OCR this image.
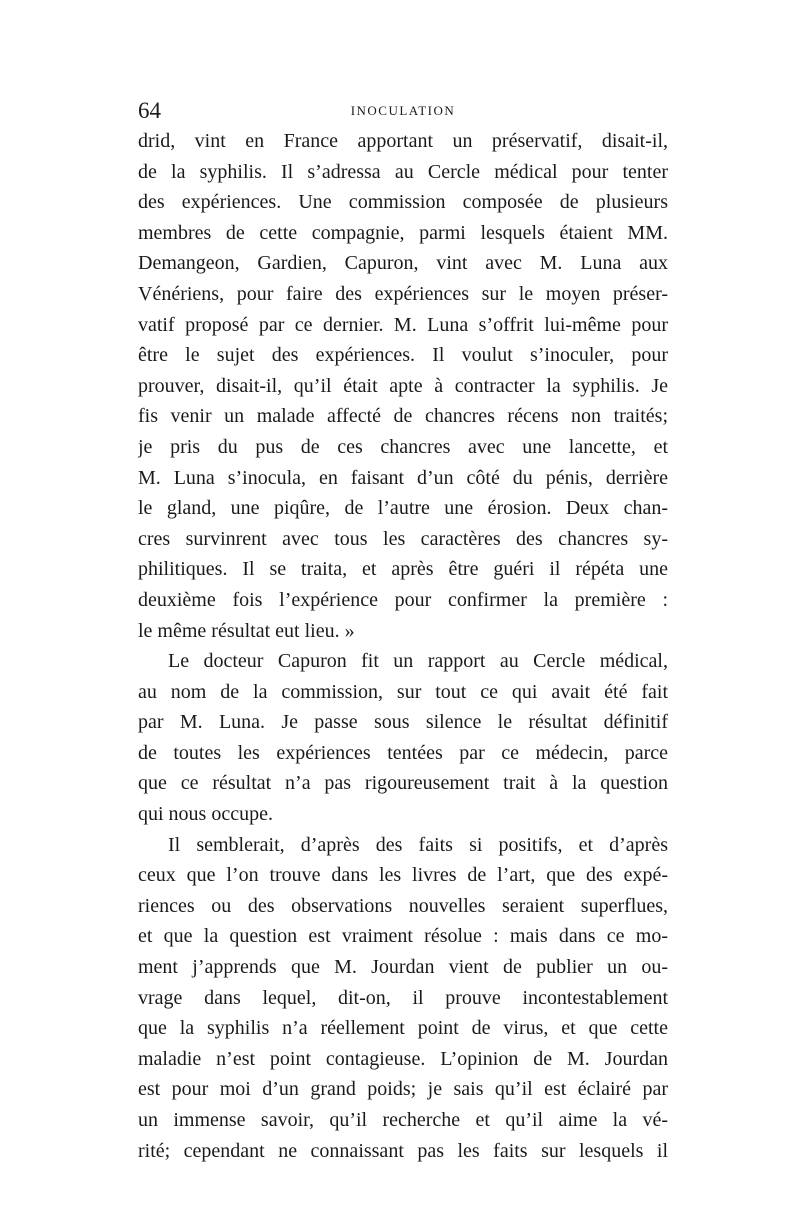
64	INOCULATION
drid, vint en France apportant un préservatif, disait-il,
de la syphilis. Il s’adressa au Cercle médical pour tenter
des expériences. Une commission composée de plusieurs
membres de cette compagnie, parmi lesquels étaient MM.
Demangeon, Gardien, Capuron, vint avec M. Luna aux
Vénériens, pour faire des expériences sur le moyen préser-
vatif proposé par ce dernier. M. Luna s’offrit lui-même pour
être le sujet des expériences. Il voulut s’inoculer, pour
prouver, disait-il, qu’il était apte à contracter la syphilis. Je
fis venir un malade affecté de chancres récens non traités;
je pris du pus de ces chancres avec une lancette, et
M. Luna s’inocula, en faisant d’un côté du pénis, derrière
le gland, une piqûre, de l’autre une érosion. Deux chan-
cres survinrent avec tous les caractères des chancres sy-
philitiques. Il se traita, et après être guéri il répéta une
deuxième fois l’expérience pour confirmer la première :
le même résultat eut lieu. »
Le docteur Capuron fit un rapport au Cercle médical,
au nom de la commission, sur tout ce qui avait été fait
par M. Luna. Je passe sous silence le résultat définitif
de toutes les expériences tentées par ce médecin, parce
que ce résultat n’a pas rigoureusement trait à la question
qui nous occupe.
Il semblerait, d’après des faits si positifs, et d’après
ceux que l’on trouve dans les livres de l’art, que des expé-
riences ou des observations nouvelles seraient superflues,
et que la question est vraiment résolue : mais dans ce mo-
ment j’apprends que M. Jourdan vient de publier un ou-
vrage dans lequel, dit-on, il prouve incontestablement
que la syphilis n’a réellement point de virus, et que cette
maladie n’est point contagieuse. L’opinion de M. Jourdan
est pour moi d’un grand poids; je sais qu’il est éclairé par
un immense savoir, qu’il recherche et qu’il aime la vé-
rité; cependant ne connaissant pas les faits sur lesquels il
